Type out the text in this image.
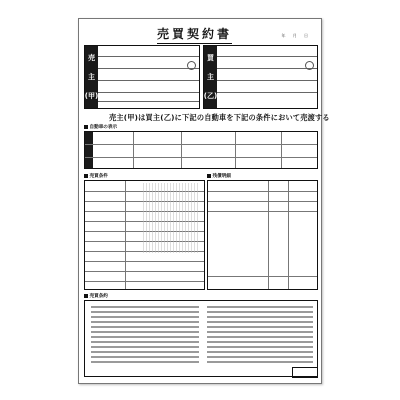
売買契約書	年 月 日
売
主
(甲)
買
主
(乙)
売主(甲)は買主(乙)に下記の自動車を下記の条件において売渡する
自動車の表示
売買条件	残債明細
売買条約
